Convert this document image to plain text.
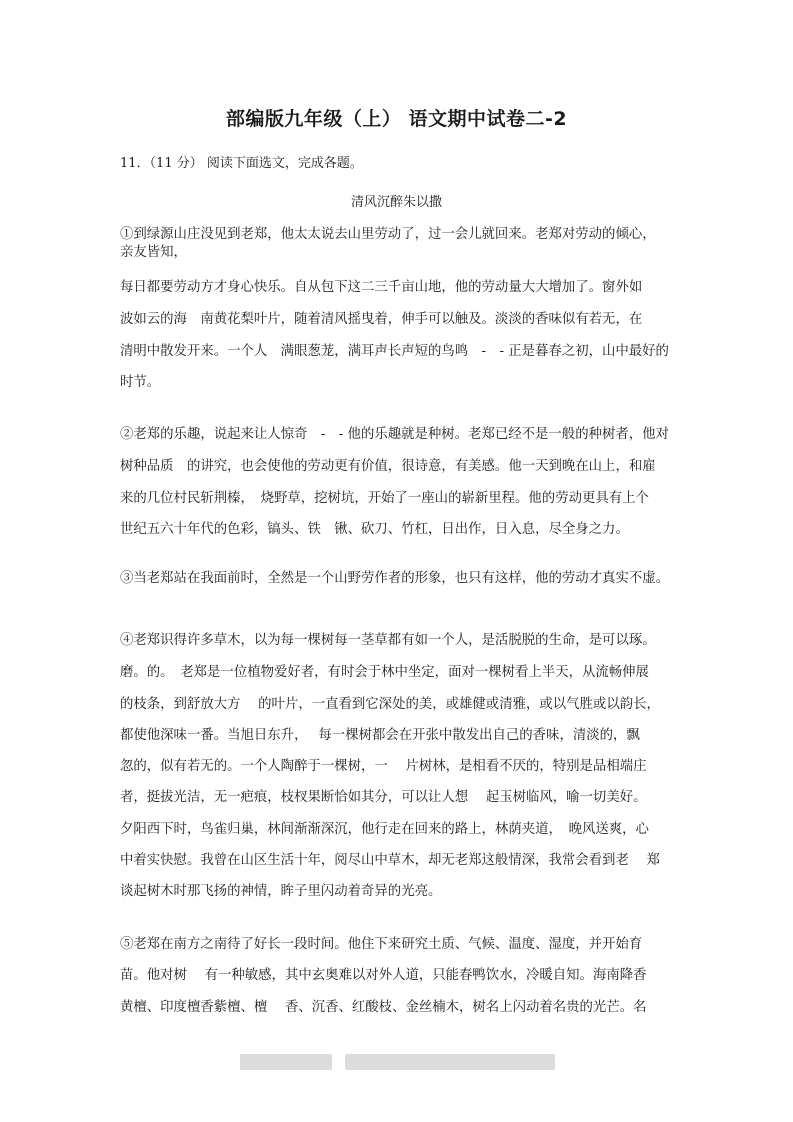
部编版九年级（上） 语文期中试卷二-2
11．（11 分） 阅读下面选文，完成各题。
清风沉醉朱以撒
①到绿源山庄没见到老郑，他太太说去山里劳动了，过一会儿就回来。老郑对劳动的倾心，
亲友皆知，
每日都要劳动方才身心快乐。自从包下这二三千亩山地，他的劳动量大大增加了。窗外如
波如云的海　南黄花梨叶片，随着清风摇曳着，伸手可以触及。淡淡的香味似有若无，在
清明中散发开来。一个人　满眼葱茏，满耳声长声短的鸟鸣　-　- 正是暮春之初，山中最好的
时节。
②老郑的乐趣，说起来让人惊奇　-　- 他的乐趣就是种树。老郑已经不是一般的种树者，他对
树种品质　的讲究，也会使他的劳动更有价值，很诗意，有美感。他一天到晚在山上，和雇
来的几位村民斩荆榛，　烧野草，挖树坑，开始了一座山的崭新里程。他的劳动更具有上个
世纪五六十年代的色彩，镐头、铁　锹、砍刀、竹杠，日出作，日入息，尽全身之力。
③当老郑站在我面前时，全然是一个山野劳作者的形象，也只有这样，他的劳动才真实不虚。
④老郑识得许多草木，以为每一棵树每一茎草都有如一个人，是活脱脱的生命，是可以琢。
磨。的。　老郑是一位植物爱好者，有时会于林中坐定，面对一棵树看上半天，从流畅伸展
的枝条，到舒放大方　 的叶片，一直看到它深处的美，或雄健或清雅，或以气胜或以韵长，
都使他深味一番。当旭日东升，　 每一棵树都会在开张中散发出自己的香味，清淡的，飘
忽的，似有若无的。一个人陶醉于一棵树，一　 片树林，是相看不厌的，特别是品相端庄
者，挺拔光洁，无一疤痕，枝杈果断恰如其分，可以让人想　 起玉树临风，喻一切美好。
夕阳西下时，鸟雀归巢，林间渐渐深沉，他行走在回来的路上，林荫夹道，　晚风送爽，心
中着实快慰。我曾在山区生活十年，阅尽山中草木，却无老郑这般情深，我常会看到老　 郑
谈起树木时那飞扬的神情，眸子里闪动着奇异的光亮。
⑤老郑在南方之南待了好长一段时间。他住下来研究土质、气候、温度、湿度，并开始育
苗。他对树　 有一种敏感，其中玄奥难以对外人道，只能春鸭饮水，冷暖自知。海南降香
黄檀、印度檀香紫檀、檀　 香、沉香、红酸枝、金丝楠木，树名上闪动着名贵的光芒。名
